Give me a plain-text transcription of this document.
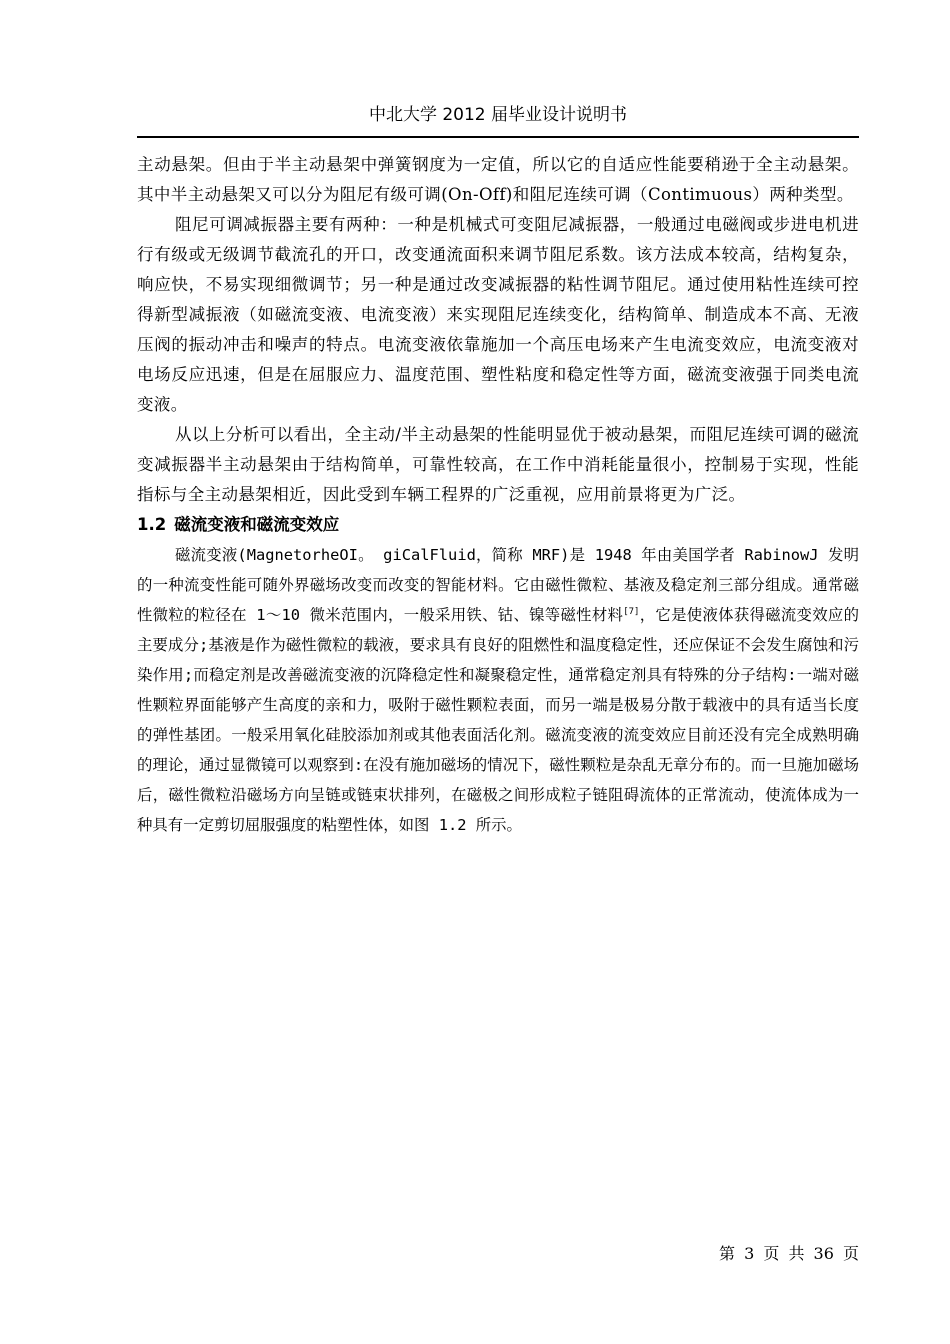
中北大学 2012 届毕业设计说明书

主动悬架。但由于半主动悬架中弹簧钢度为一定值，所以它的自适应性能要稍逊于全主动悬架。其中半主动悬架又可以分为阻尼有级可调(On-Off)和阻尼连续可调（Contimuous）两种类型。

阻尼可调减振器主要有两种：一种是机械式可变阻尼减振器，一般通过电磁阀或步进电机进行有级或无级调节截流孔的开口，改变通流面积来调节阻尼系数。该方法成本较高，结构复杂，响应快，不易实现细微调节；另一种是通过改变减振器的粘性调节阻尼。通过使用粘性连续可控得新型减振液（如磁流变液、电流变液）来实现阻尼连续变化，结构简单、制造成本不高、无液压阀的振动冲击和噪声的特点。电流变液依靠施加一个高压电场来产生电流变效应，电流变液对电场反应迅速，但是在屈服应力、温度范围、塑性粘度和稳定性等方面，磁流变液强于同类电流变液。

从以上分析可以看出，全主动/半主动悬架的性能明显优于被动悬架，而阻尼连续可调的磁流变减振器半主动悬架由于结构简单，可靠性较高，在工作中消耗能量很小，控制易于实现，性能指标与全主动悬架相近，因此受到车辆工程界的广泛重视，应用前景将更为广泛。

1.2 磁流变液和磁流变效应

磁流变液(MagnetorheOI。 giCalFluid，简称 MRF)是 1948 年由美国学者 RabinowJ 发明的一种流变性能可随外界磁场改变而改变的智能材料。它由磁性微粒、基液及稳定剂三部分组成。通常磁性微粒的粒径在 1～10 微米范围内，一般采用铁、钴、镍等磁性材料[7]，它是使液体获得磁流变效应的主要成分;基液是作为磁性微粒的载液，要求具有良好的阻燃性和温度稳定性，还应保证不会发生腐蚀和污染作用;而稳定剂是改善磁流变液的沉降稳定性和凝聚稳定性，通常稳定剂具有特殊的分子结构:一端对磁性颗粒界面能够产生高度的亲和力，吸附于磁性颗粒表面，而另一端是极易分散于载液中的具有适当长度的弹性基团。一般采用氧化硅胶添加剂或其他表面活化剂。磁流变液的流变效应目前还没有完全成熟明确的理论，通过显微镜可以观察到:在没有施加磁场的情况下，磁性颗粒是杂乱无章分布的。而一旦施加磁场后，磁性微粒沿磁场方向呈链或链束状排列，在磁极之间形成粒子链阻碍流体的正常流动，使流体成为一种具有一定剪切屈服强度的粘塑性体，如图 1.2 所示。

第 3 页 共 36 页
